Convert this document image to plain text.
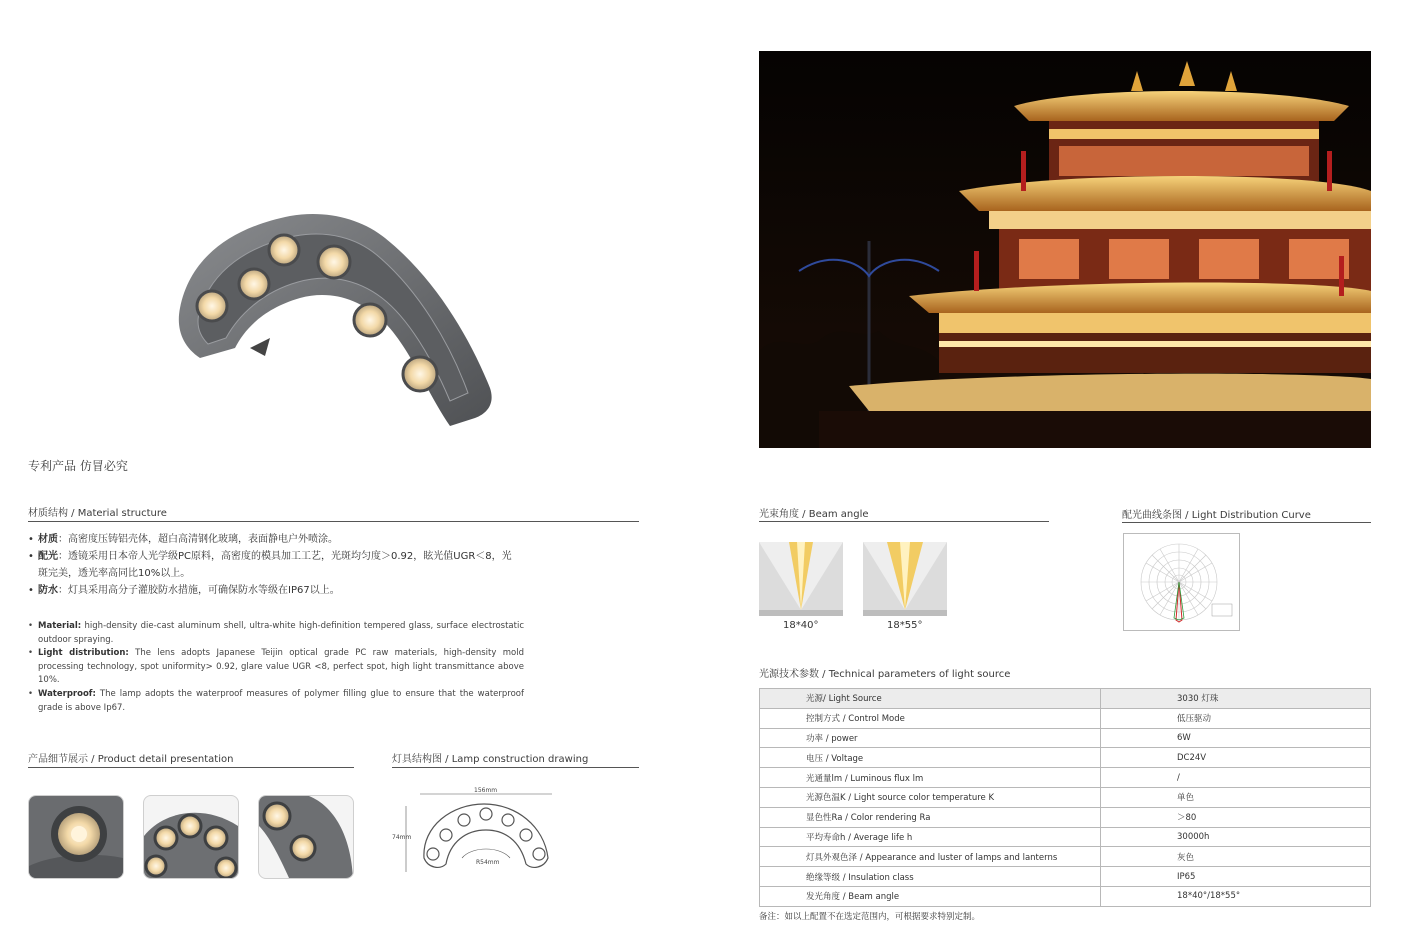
专利产品 仿冒必究
材质结构 / Material structure
• 材质：高密度压铸铝壳体，超白高清钢化玻璃，表面静电户外喷涂。
• 配光：透镜采用日本帝人光学级PC原料，高密度的模具加工工艺，光斑均匀度＞0.92，眩光值UGR＜8，光斑完美，透光率高同比10%以上。
• 防水：灯具采用高分子灌胶防水措施，可确保防水等级在IP67以上。
• Material: high-density die-cast aluminum shell, ultra-white high-definition tempered glass, surface electrostatic outdoor spraying.
• Light distribution: The lens adopts Japanese Teijin optical grade PC raw materials, high-density mold processing technology, spot uniformity> 0.92, glare value UGR <8, perfect spot, high light transmittance above 10%.
• Waterproof: The lamp adopts the waterproof measures of polymer filling glue to ensure that the waterproof grade is above Ip67.
产品细节展示 / Product detail presentation	灯具结构图 / Lamp construction drawing
156mm
74mm
R54mm
光束角度 / Beam angle
18*40°	18*55°
配光曲线条图 / Light Distribution Curve
光源技术参数 / Technical parameters of light source
光源/ Light Source	3030 灯珠
控制方式 / Control Mode	低压驱动
功率 / power	6W
电压 / Voltage	DC24V
光通量lm / Luminous flux lm	/
光源色温K / Light source color temperature K	单色
显色性Ra / Color rendering Ra	＞80
平均寿命h / Average life h	30000h
灯具外观色泽 / Appearance and luster of lamps and lanterns	灰色
绝缘等级 / Insulation class	IP65
发光角度 / Beam angle	18*40°/18*55°
备注：如以上配置不在选定范围内，可根据要求特别定制。
